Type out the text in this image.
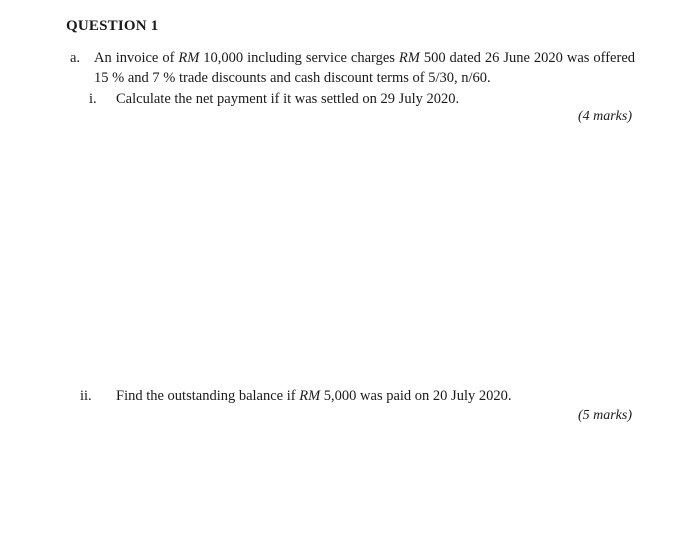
QUESTION 1
a. An invoice of RM 10,000 including service charges RM 500 dated 26 June 2020 was offered 15 % and 7 % trade discounts and cash discount terms of 5/30, n/60.
i. Calculate the net payment if it was settled on 29 July 2020.
(4 marks)
ii. Find the outstanding balance if RM 5,000 was paid on 20 July 2020.
(5 marks)
